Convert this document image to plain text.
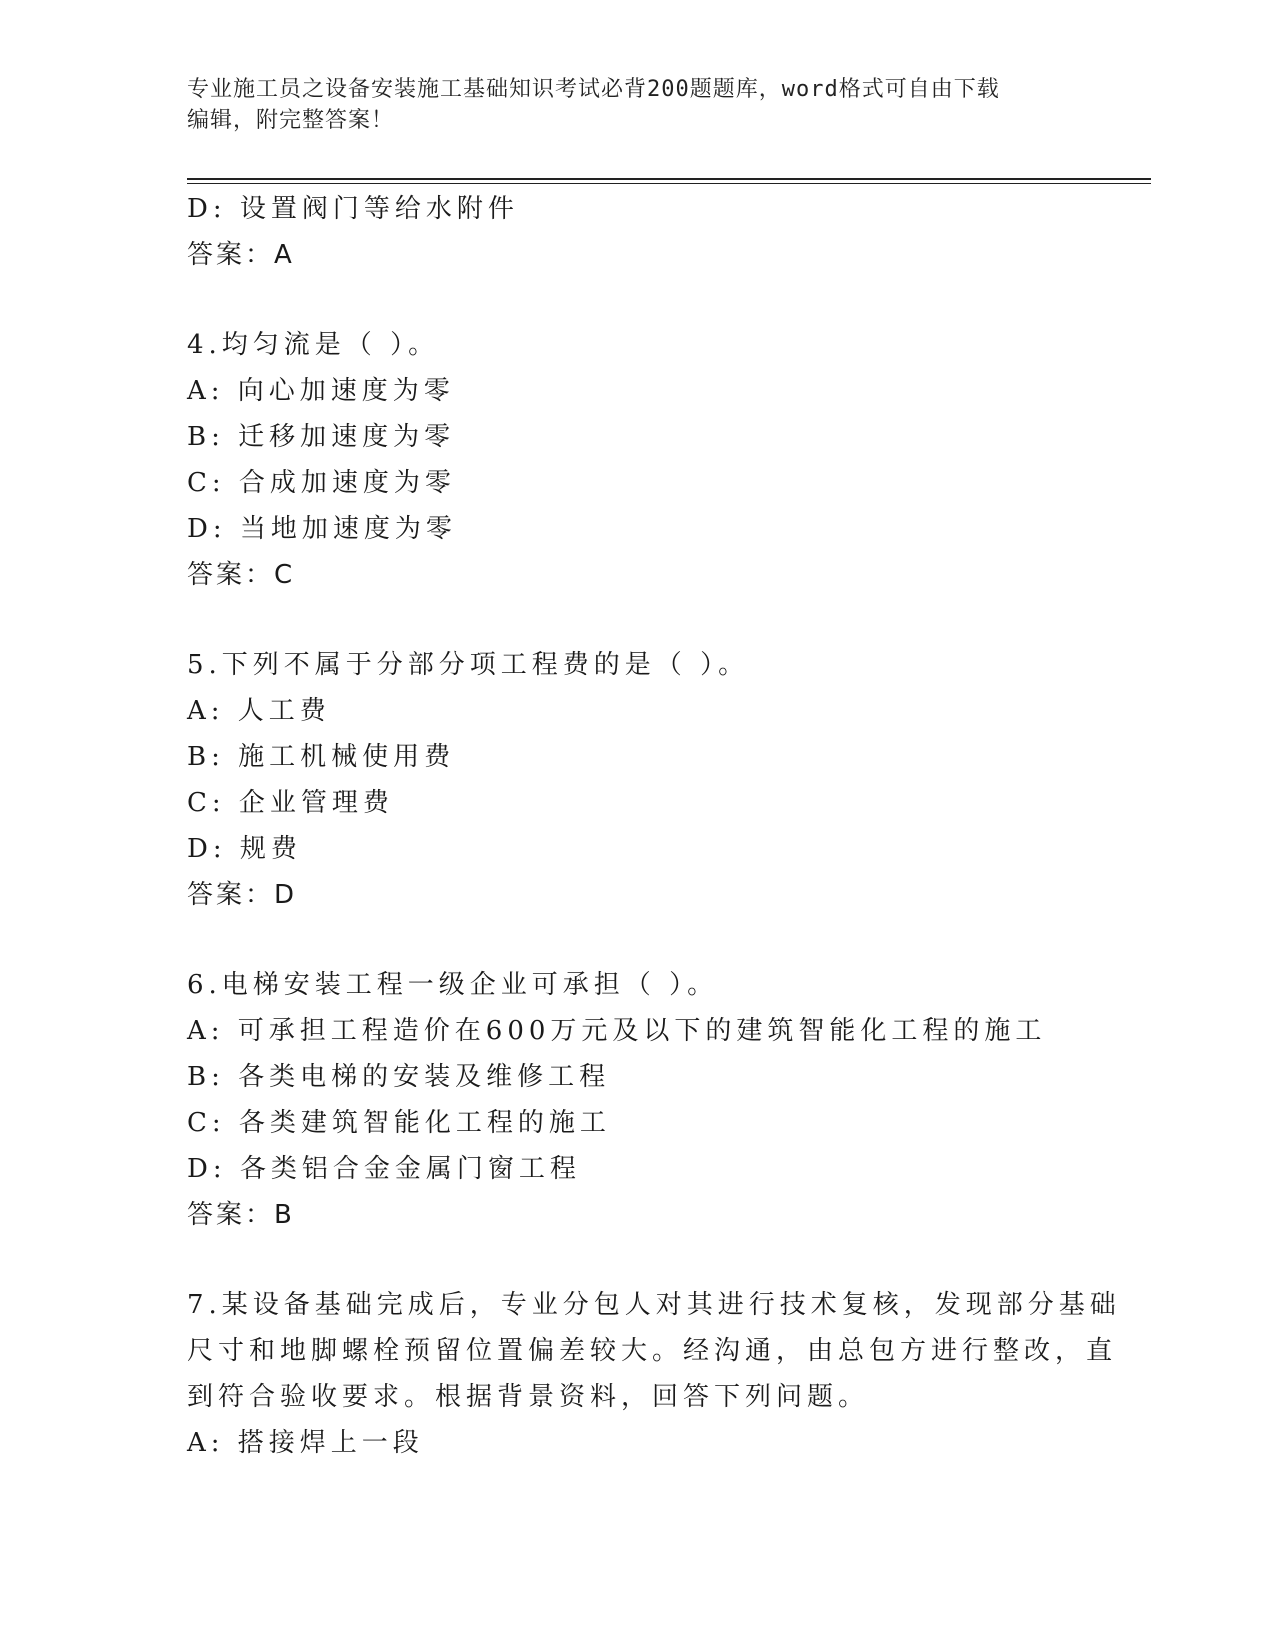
专业施工员之设备安装施工基础知识考试必背200题题库，word格式可自由下载
编辑，附完整答案！
D: 设置阀门等给水附件
答案：A
4.均匀流是（ ）。
A: 向心加速度为零
B: 迁移加速度为零
C: 合成加速度为零
D: 当地加速度为零
答案：C
5.下列不属于分部分项工程费的是（ ）。
A: 人工费
B: 施工机械使用费
C: 企业管理费
D: 规费
答案：D
6.电梯安装工程一级企业可承担（ ）。
A: 可承担工程造价在600万元及以下的建筑智能化工程的施工
B: 各类电梯的安装及维修工程
C: 各类建筑智能化工程的施工
D: 各类铝合金金属门窗工程
答案：B
7.某设备基础完成后，专业分包人对其进行技术复核，发现部分基础
尺寸和地脚螺栓预留位置偏差较大。经沟通，由总包方进行整改，直
到符合验收要求。根据背景资料，回答下列问题。
A: 搭接焊上一段
